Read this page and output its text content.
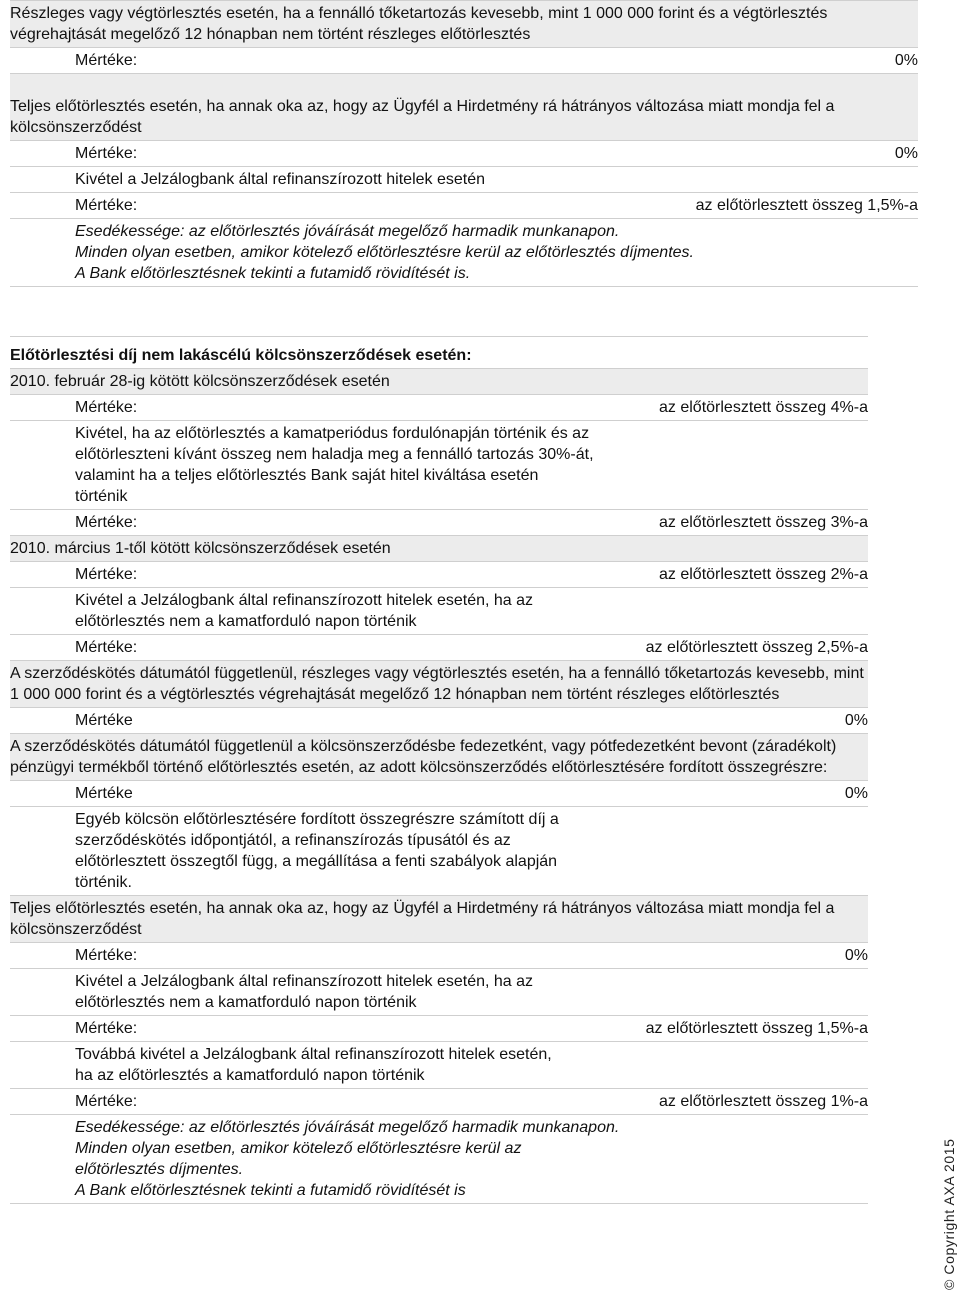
Részleges vagy végtörlesztés esetén, ha a fennálló tőketartozás kevesebb, mint 1 000 000 forint és a végtörlesztés végrehajtását megelőző 12 hónapban nem történt részleges előtörlesztés
Mértéke:	0%
Teljes előtörlesztés esetén, ha annak oka az, hogy az Ügyfél a Hirdetmény rá hátrányos változása miatt mondja fel a kölcsönszerződést
Mértéke:	0%
Kivétel a Jelzálogbank által refinanszírozott hitelek esetén
Mértéke:	az előtörlesztett összeg 1,5%-a
Esedékessége: az előtörlesztés jóváírását megelőző harmadik munkanapon.
Minden olyan esetben, amikor kötelező előtörlesztésre kerül az előtörlesztés díjmentes.
A Bank előtörlesztésnek tekinti a futamidő rövidítését is.
Előtörlesztési díj nem lakáscélú kölcsönszerződések esetén:
2010. február 28-ig kötött kölcsönszerződések esetén
Mértéke:	az előtörlesztett összeg 4%-a
Kivétel, ha az előtörlesztés a kamatperiódus fordulónapján történik és az előtörleszteni kívánt összeg nem haladja meg a fennálló tartozás 30%-át, valamint ha a teljes előtörlesztés Bank saját hitel kiváltása esetén történik
Mértéke:	az előtörlesztett összeg 3%-a
2010. március 1-től kötött kölcsönszerződések esetén
Mértéke:	az előtörlesztett összeg 2%-a
Kivétel a Jelzálogbank által refinanszírozott hitelek esetén, ha az előtörlesztés nem a kamatforduló napon történik
Mértéke:	az előtörlesztett összeg 2,5%-a
A szerződéskötés dátumától függetlenül, részleges vagy végtörlesztés esetén, ha a fennálló tőketartozás kevesebb, mint 1 000 000 forint és a végtörlesztés végrehajtását megelőző 12 hónapban nem történt részleges előtörlesztés
Mértéke	0%
A szerződéskötés dátumától függetlenül a kölcsönszerződésbe fedezetként, vagy pótfedezetként bevont (záradékolt) pénzügyi termékből történő előtörlesztés esetén, az adott kölcsönszerződés előtörlesztésére fordított összegrészre:
Mértéke	0%
Egyéb kölcsön előtörlesztésére fordított összegrészre számított díj a szerződéskötés időpontjától, a refinanszírozás típusától és az előtörlesztett összegtől függ, a megállítása a fenti szabályok alapján történik.
Teljes előtörlesztés esetén, ha annak oka az, hogy az Ügyfél a Hirdetmény rá hátrányos változása miatt mondja fel a kölcsönszerződést
Mértéke:	0%
Kivétel a Jelzálogbank által refinanszírozott hitelek esetén, ha az előtörlesztés nem a kamatforduló napon történik
Mértéke:	az előtörlesztett összeg 1,5%-a
Továbbá kivétel a Jelzálogbank által refinanszírozott hitelek esetén, ha az előtörlesztés a kamatforduló napon történik
Mértéke:	az előtörlesztett összeg 1%-a
Esedékessége: az előtörlesztés jóváírását megelőző harmadik munkanapon.
Minden olyan esetben, amikor kötelező előtörlesztésre kerül az előtörlesztés díjmentes.
A Bank előtörlesztésnek tekinti a futamidő rövidítését is	© Copyright AXA 2015
